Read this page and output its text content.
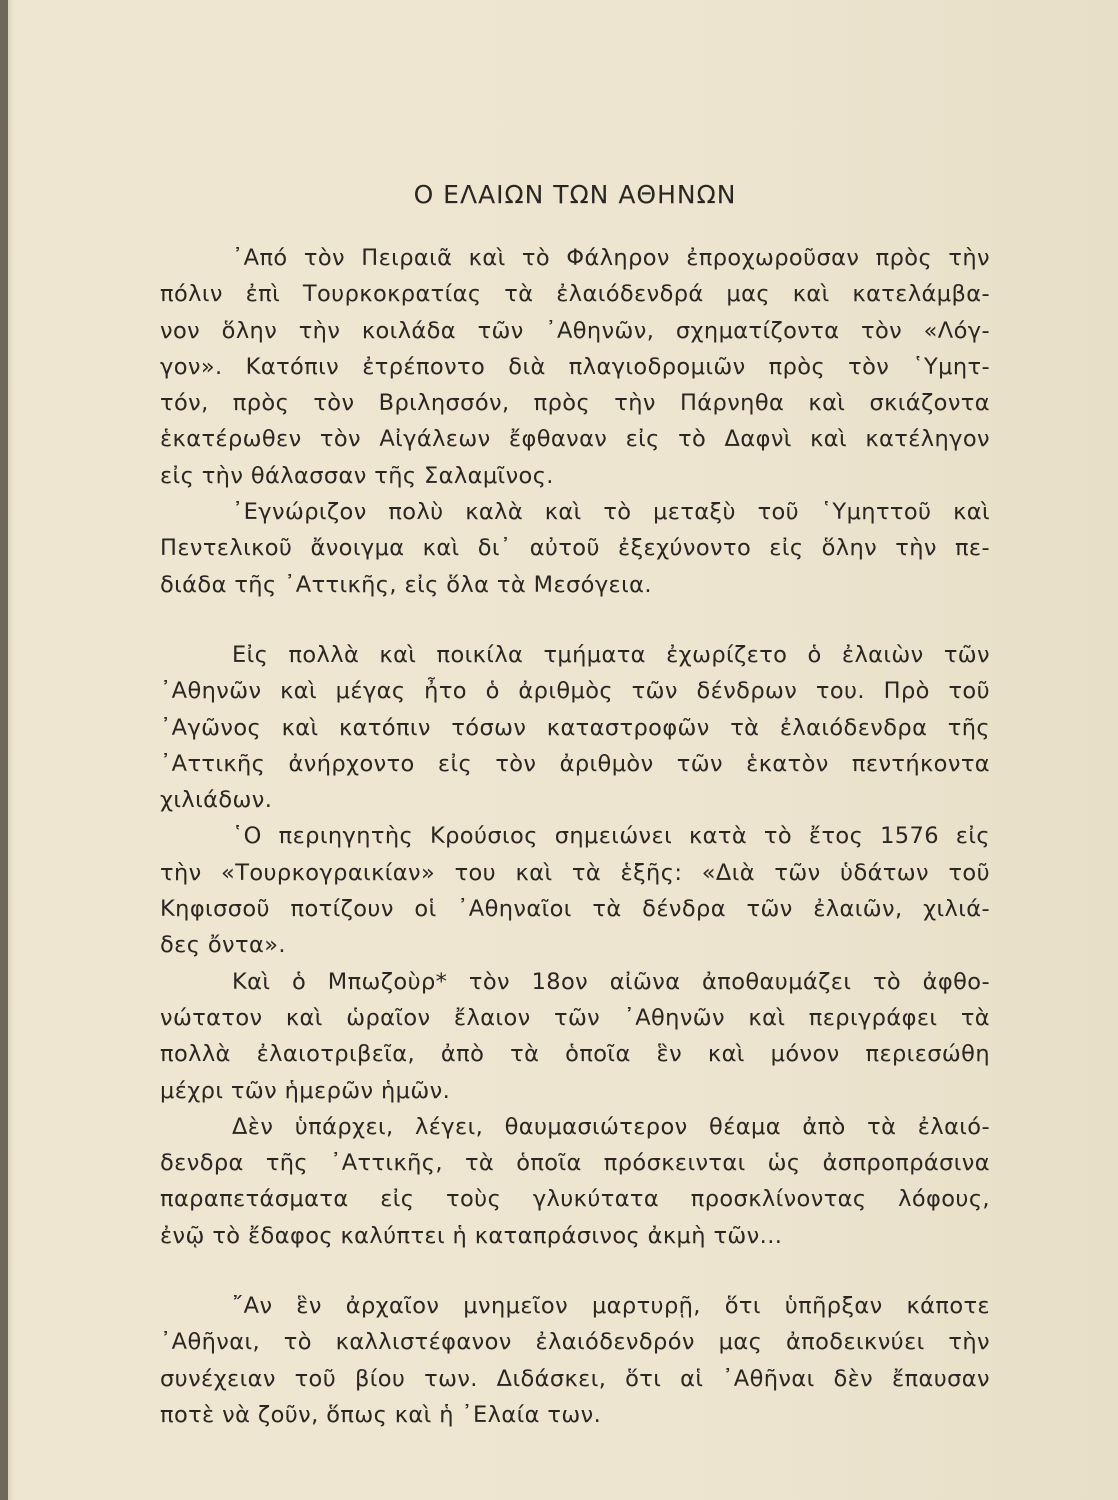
Ο ΕΛΑΙΩΝ ΤΩΝ ΑΘΗΝΩΝ
᾿Από τὸν Πειραιᾶ καὶ τὸ Φάληρον ἐπροχωροῦσαν πρὸς τὴν
πόλιν ἐπὶ Τουρκοκρατίας τὰ ἐλαιόδενδρά μας καὶ κατελάμβα-
νον ὅλην τὴν κοιλάδα τῶν ᾿Αθηνῶν, σχηματίζοντα τὸν «Λόγ-
γον». Κατόπιν ἐτρέποντο διὰ πλαγιοδρομιῶν πρὸς τὸν ῾Υμητ-
τόν, πρὸς τὸν Βριλησσόν, πρὸς τὴν Πάρνηθα καὶ σκιάζοντα
ἑκατέρωθεν τὸν Αἰγάλεων ἔφθαναν εἰς τὸ Δαφνὶ καὶ κατέληγον
εἰς τὴν θάλασσαν τῆς Σαλαμῖνος.
᾿Εγνώριζον πολὺ καλὰ καὶ τὸ μεταξὺ τοῦ ῾Υμηττοῦ καὶ
Πεντελικοῦ ἄνοιγμα καὶ δι᾿ αὐτοῦ ἐξεχύνοντο εἰς ὅλην τὴν πε-
διάδα τῆς ᾿Αττικῆς, εἰς ὅλα τὰ Μεσόγεια.
Εἰς πολλὰ καὶ ποικίλα τμήματα ἐχωρίζετο ὁ ἐλαιὼν τῶν
᾿Αθηνῶν καὶ μέγας ἦτο ὁ ἀριθμὸς τῶν δένδρων του. Πρὸ τοῦ
᾿Αγῶνος καὶ κατόπιν τόσων καταστροφῶν τὰ ἐλαιόδενδρα τῆς
᾿Αττικῆς ἀνήρχοντο εἰς τὸν ἀριθμὸν τῶν ἑκατὸν πεντήκοντα
χιλιάδων.
῾Ο περιηγητὴς Κρούσιος σημειώνει κατὰ τὸ ἔτος 1576 εἰς
τὴν «Τουρκογραικίαν» του καὶ τὰ ἑξῆς: «Διὰ τῶν ὑδάτων τοῦ
Κηφισσοῦ ποτίζουν οἱ ᾿Αθηναῖοι τὰ δένδρα τῶν ἐλαιῶν, χιλιά-
δες ὄντα».
Καὶ ὁ Μπωζοὺρ* τὸν 18ον αἰῶνα ἀποθαυμάζει τὸ ἀφθο-
νώτατον καὶ ὡραῖον ἔλαιον τῶν ᾿Αθηνῶν καὶ περιγράφει τὰ
πολλὰ ἐλαιοτριβεῖα, ἀπὸ τὰ ὁποῖα ἓν καὶ μόνον περιεσώθη
μέχρι τῶν ἡμερῶν ἡμῶν.
Δὲν ὑπάρχει, λέγει, θαυμασιώτερον θέαμα ἀπὸ τὰ ἐλαιό-
δενδρα τῆς ᾿Αττικῆς, τὰ ὁποῖα πρόσκεινται ὡς ἀσπροπράσινα
παραπετάσματα εἰς τοὺς γλυκύτατα προσκλίνοντας λόφους,
ἐνῷ τὸ ἔδαφος καλύπτει ἡ καταπράσινος ἀκμὴ τῶν...
῎Αν ἓν ἀρχαῖον μνημεῖον μαρτυρῇ, ὅτι ὑπῆρξαν κάποτε
᾿Αθῆναι, τὸ καλλιστέφανον ἐλαιόδενδρόν μας ἀποδεικνύει τὴν
συνέχειαν τοῦ βίου των. Διδάσκει, ὅτι αἱ ᾿Αθῆναι δὲν ἔπαυσαν
ποτὲ νὰ ζοῦν, ὅπως καὶ ἡ ᾿Ελαία των.
